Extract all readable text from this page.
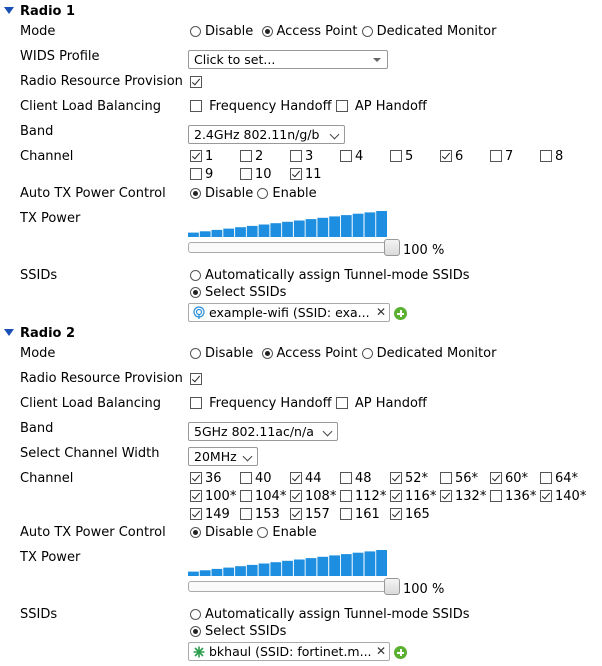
Radio 1
Mode	Disable Access Point Dedicated Monitor
WIDS Profile	Click to set...
Radio Resource Provision
Client Load Balancing	Frequency Handoff AP Handoff
Band	2.4GHz 802.11n/g/b
Channel	1	2	3	4	5	6	7	8
9	10	11
Auto TX Power Control	Disable Enable
TX Power
100 %
SSIDs	Automatically assign Tunnel-mode SSIDs
Select SSIDs
example-wifi (SSID: exa... ✕
Radio 2
Mode	Disable Access Point Dedicated Monitor
Radio Resource Provision
Client Load Balancing	Frequency Handoff AP Handoff
Band	5GHz 802.11ac/n/a
Select Channel Width	20MHz
Channel	36	40	44	48	52*	56*	60*	64*
100*	104*	108*	112*	116*	132*	136*	140*
149	153	157	161	165
Auto TX Power Control	Disable Enable
TX Power
100 %
SSIDs	Automatically assign Tunnel-mode SSIDs
Select SSIDs
bkhaul (SSID: fortinet.m... ✕
